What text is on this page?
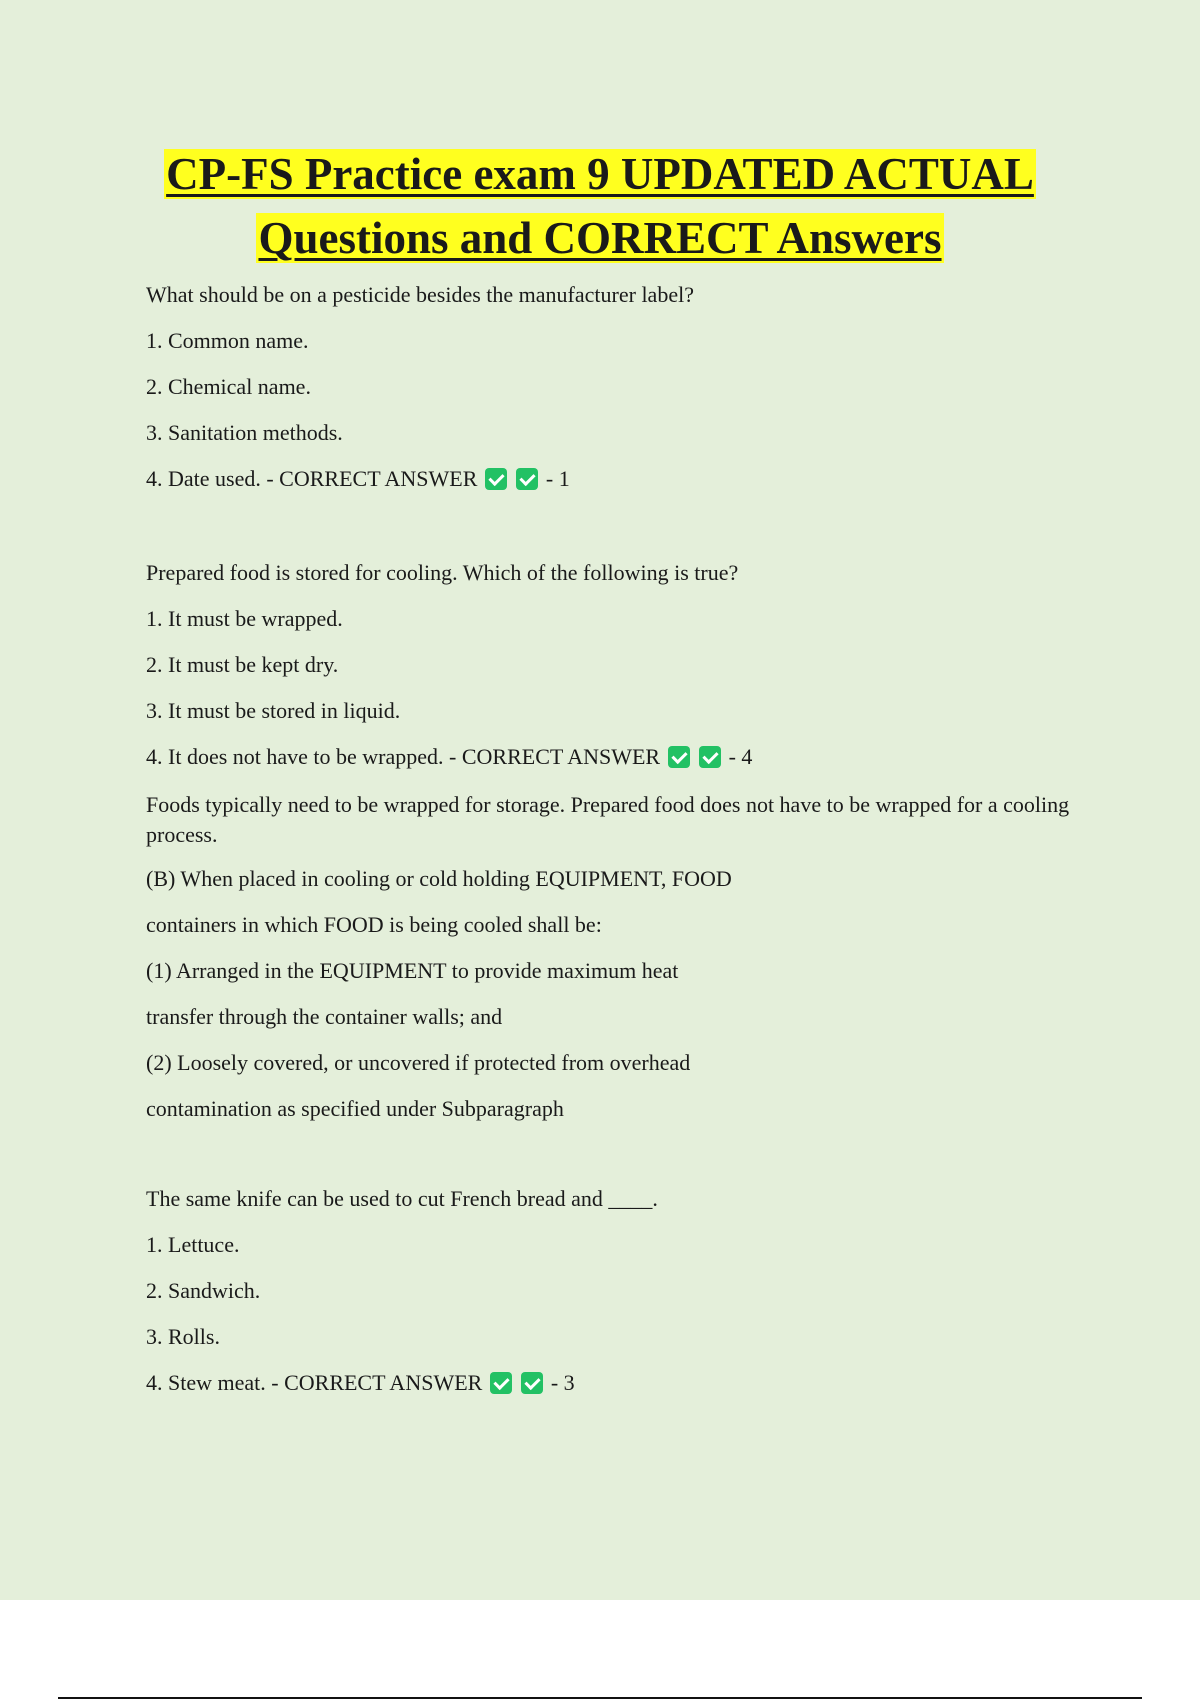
CP-FS Practice exam 9 UPDATED ACTUAL
Questions and CORRECT Answers
What should be on a pesticide besides the manufacturer label?
1. Common name.
2. Chemical name.
3. Sanitation methods.
4. Date used. - CORRECT ANSWER	- 1
Prepared food is stored for cooling. Which of the following is true?
1. It must be wrapped.
2. It must be kept dry.
3. It must be stored in liquid.
4. It does not have to be wrapped. - CORRECT ANSWER	- 4
Foods typically need to be wrapped for storage. Prepared food does not have to be wrapped for a cooling process.
(B) When placed in cooling or cold holding EQUIPMENT, FOOD
containers in which FOOD is being cooled shall be:
(1) Arranged in the EQUIPMENT to provide maximum heat
transfer through the container walls; and
(2) Loosely covered, or uncovered if protected from overhead
contamination as specified under Subparagraph
The same knife can be used to cut French bread and ____.
1. Lettuce.
2. Sandwich.
3. Rolls.
4. Stew meat. - CORRECT ANSWER	- 3
